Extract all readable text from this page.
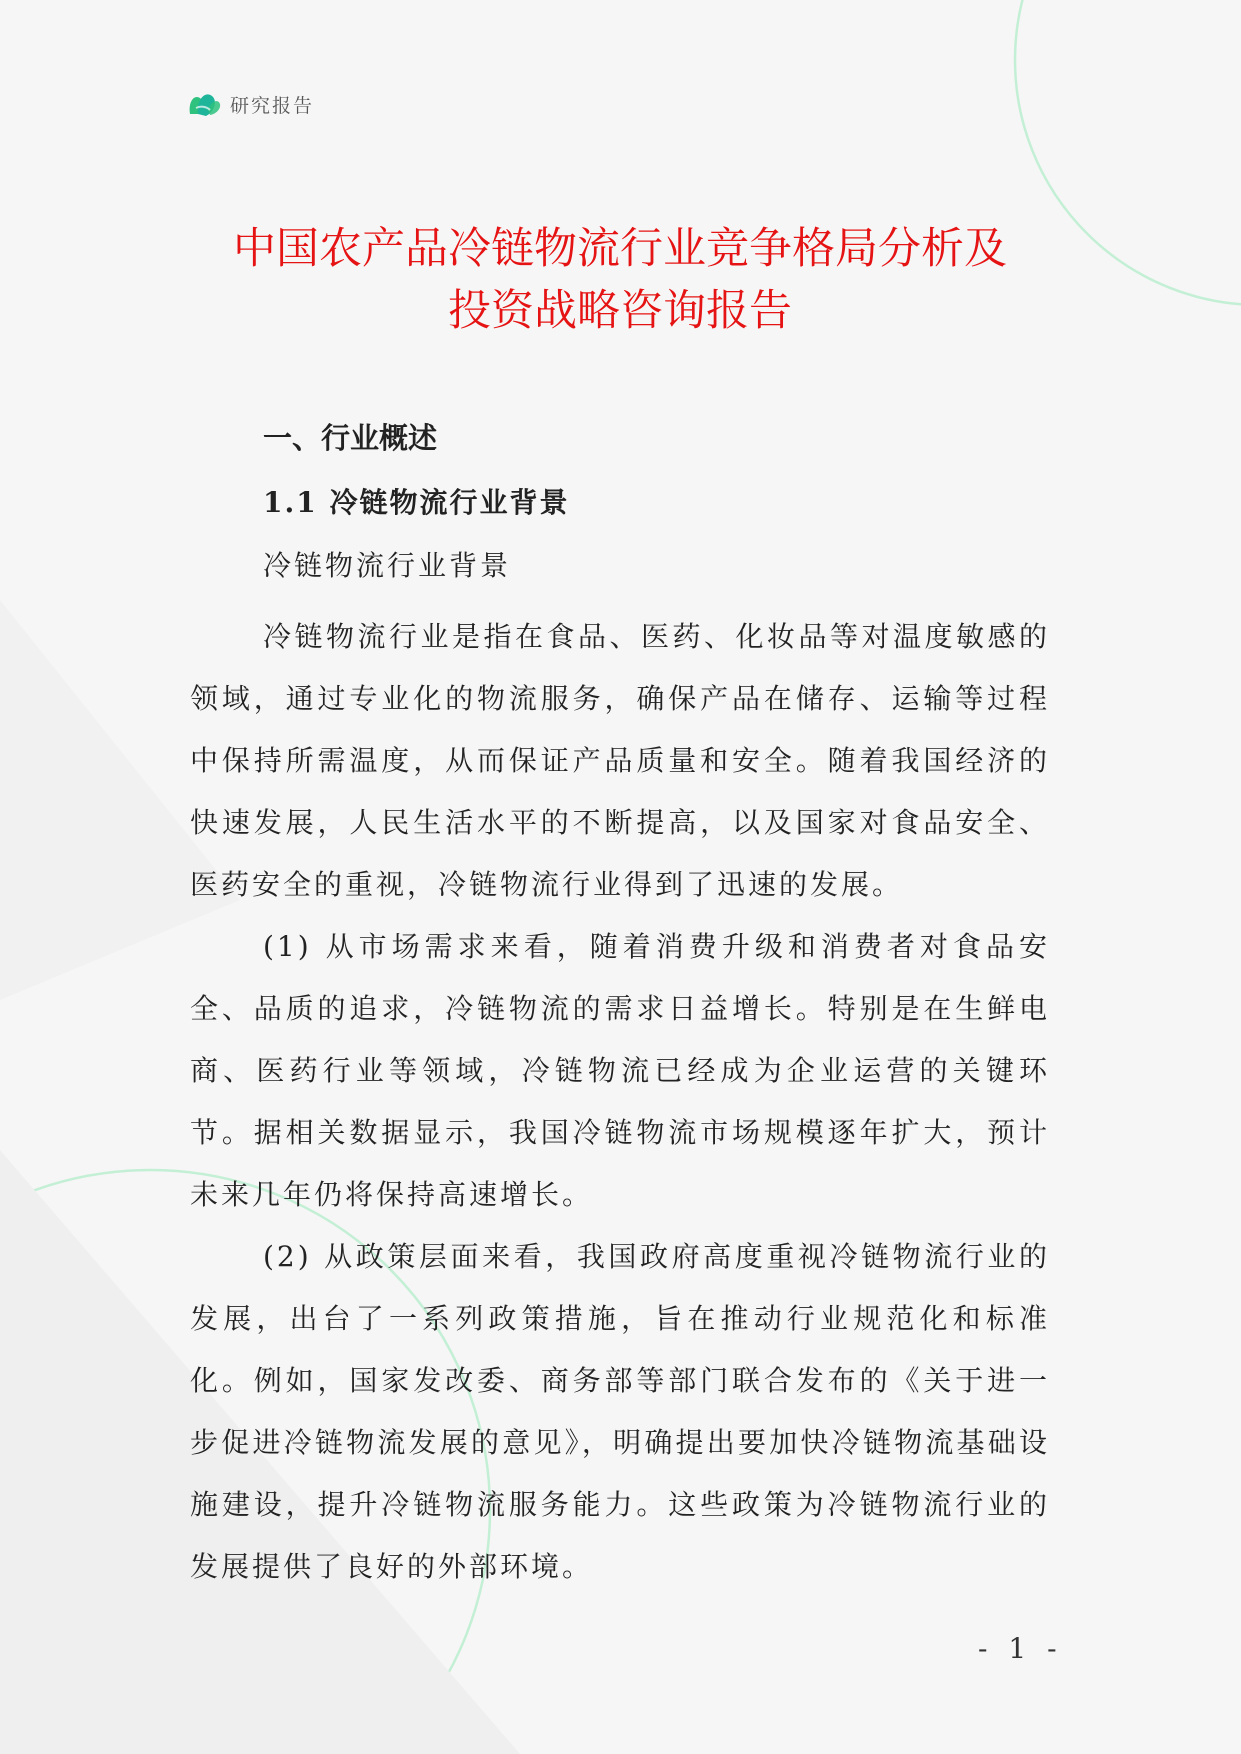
研究报告
中国农产品冷链物流行业竞争格局分析及
投资战略咨询报告
一、行业概述
1.1 冷链物流行业背景

冷链物流行业背景

冷链物流行业是指在食品、医药、化妆品等对温度敏感的领域，通过专业化的物流服务，确保产品在储存、运输等过程中保持所需温度，从而保证产品质量和安全。随着我国经济的快速发展，人民生活水平的不断提高，以及国家对食品安全、医药安全的重视，冷链物流行业得到了迅速的发展。

(1) 从市场需求来看，随着消费升级和消费者对食品安全、品质的追求，冷链物流的需求日益增长。特别是在生鲜电商、医药行业等领域，冷链物流已经成为企业运营的关键环节。据相关数据显示，我国冷链物流市场规模逐年扩大，预计未来几年仍将保持高速增长。

(2) 从政策层面来看，我国政府高度重视冷链物流行业的发展，出台了一系列政策措施，旨在推动行业规范化和标准化。例如，国家发改委、商务部等部门联合发布的《关于进一步促进冷链物流发展的意见》，明确提出要加快冷链物流基础设施建设，提升冷链物流服务能力。这些政策为冷链物流行业的发展提供了良好的外部环境。

- 1 -
